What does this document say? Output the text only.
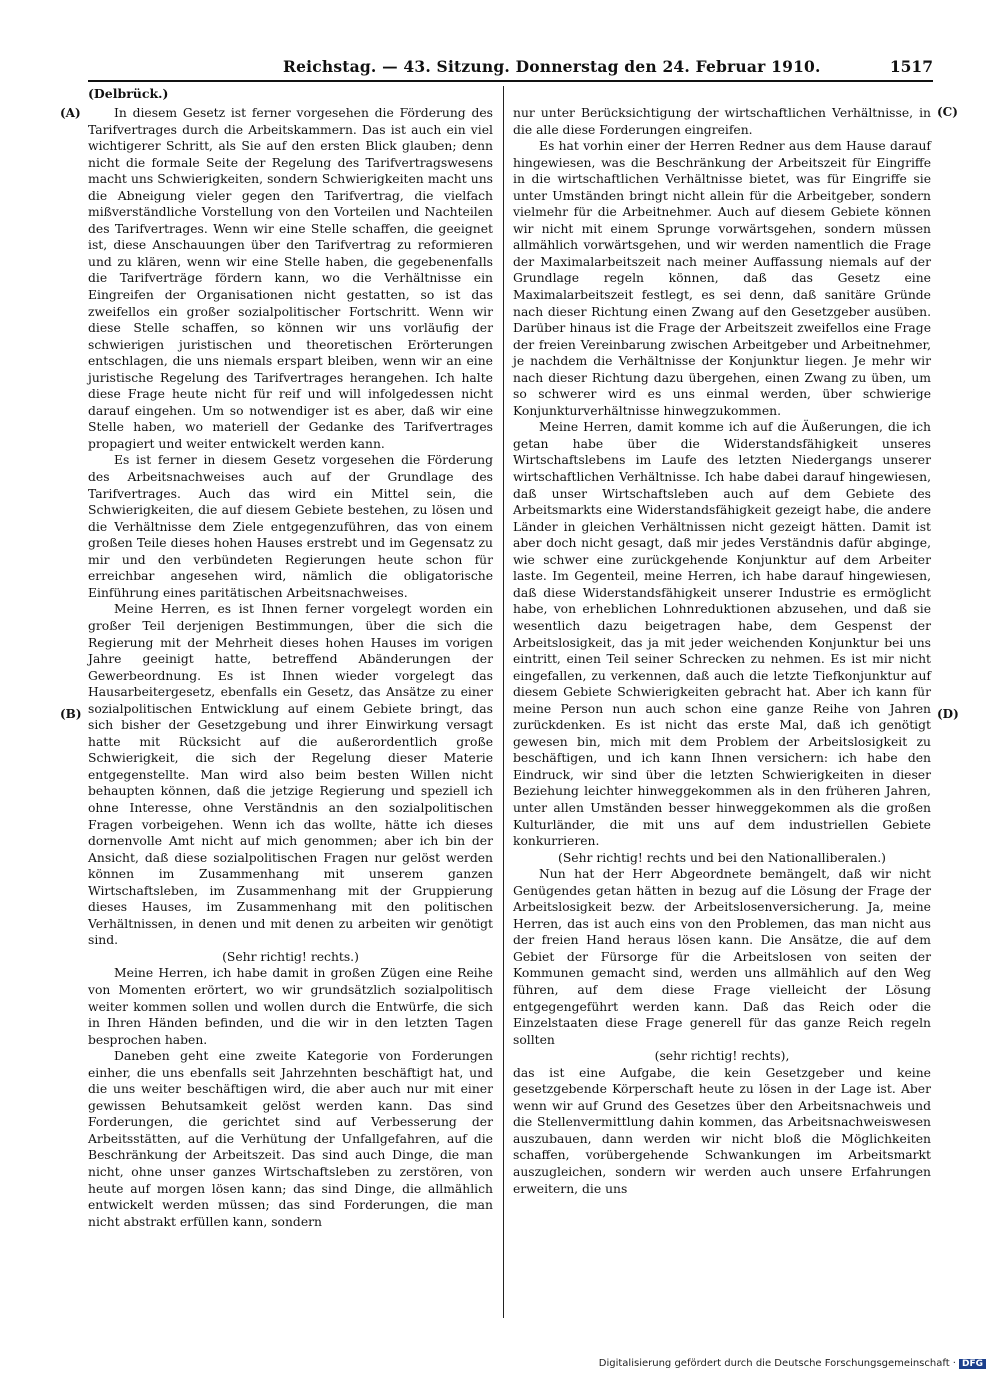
Reichstag. — 43. Sitzung. Donnerstag den 24. Februar 1910.	1517
(Delbrück.)
(A)
(B)
(C)
(D)

In diesem Gesetz ist ferner vorgesehen die Förderung des Tarifvertrages durch die Arbeitskammern. Das ist auch ein viel wichtigerer Schritt, als Sie auf den ersten Blick glauben; denn nicht die formale Seite der Regelung des Tarifvertragswesens macht uns Schwierigkeiten, sondern Schwierigkeiten macht uns die Abneigung vieler gegen den Tarifvertrag, die vielfach mißverständliche Vorstellung von den Vorteilen und Nachteilen des Tarifvertrages. Wenn wir eine Stelle schaffen, die geeignet ist, diese Anschauungen über den Tarifvertrag zu reformieren und zu klären, wenn wir eine Stelle haben, die gegebenenfalls die Tarifverträge fördern kann, wo die Verhältnisse ein Eingreifen der Organisationen nicht gestatten, so ist das zweifellos ein großer sozialpolitischer Fortschritt. Wenn wir diese Stelle schaffen, so können wir uns vorläufig der schwierigen juristischen und theoretischen Erörterungen entschlagen, die uns niemals erspart bleiben, wenn wir an eine juristische Regelung des Tarifvertrages herangehen. Ich halte diese Frage heute nicht für reif und will infolgedessen nicht darauf eingehen. Um so notwendiger ist es aber, daß wir eine Stelle haben, wo materiell der Gedanke des Tarifvertrages propagiert und weiter entwickelt werden kann.

Es ist ferner in diesem Gesetz vorgesehen die Förderung des Arbeitsnachweises auch auf der Grundlage des Tarifvertrages. Auch das wird ein Mittel sein, die Schwierigkeiten, die auf diesem Gebiete bestehen, zu lösen und die Verhältnisse dem Ziele entgegenzuführen, das von einem großen Teile dieses hohen Hauses erstrebt und im Gegensatz zu mir und den verbündeten Regierungen heute schon für erreichbar angesehen wird, nämlich die obligatorische Einführung eines paritätischen Arbeitsnachweises.

Meine Herren, es ist Ihnen ferner vorgelegt worden ein großer Teil derjenigen Bestimmungen, über die sich die Regierung mit der Mehrheit dieses hohen Hauses im vorigen Jahre geeinigt hatte, betreffend Abänderungen der Gewerbeordnung. Es ist Ihnen wieder vorgelegt das Hausarbeitergesetz, ebenfalls ein Gesetz, das Ansätze zu einer sozialpolitischen Entwicklung auf einem Gebiete bringt, das sich bisher der Gesetzgebung und ihrer Einwirkung versagt hatte mit Rücksicht auf die außerordentlich große Schwierigkeit, die sich der Regelung dieser Materie entgegenstellte. Man wird also beim besten Willen nicht behaupten können, daß die jetzige Regierung und speziell ich ohne Interesse, ohne Verständnis an den sozialpolitischen Fragen vorbeigehen. Wenn ich das wollte, hätte ich dieses dornenvolle Amt nicht auf mich genommen; aber ich bin der Ansicht, daß diese sozialpolitischen Fragen nur gelöst werden können im Zusammenhang mit unserem ganzen Wirtschaftsleben, im Zusammenhang mit der Gruppierung dieses Hauses, im Zusammenhang mit den politischen Verhältnissen, in denen und mit denen zu arbeiten wir genötigt sind.

(Sehr richtig! rechts.)

Meine Herren, ich habe damit in großen Zügen eine Reihe von Momenten erörtert, wo wir grundsätzlich sozialpolitisch weiter kommen sollen und wollen durch die Entwürfe, die sich in Ihren Händen befinden, und die wir in den letzten Tagen besprochen haben.

Daneben geht eine zweite Kategorie von Forderungen einher, die uns ebenfalls seit Jahrzehnten beschäftigt hat, und die uns weiter beschäftigen wird, die aber auch nur mit einer gewissen Behutsamkeit gelöst werden kann. Das sind Forderungen, die gerichtet sind auf Verbesserung der Arbeitsstätten, auf die Verhütung der Unfallgefahren, auf die Beschränkung der Arbeitszeit. Das sind auch Dinge, die man nicht, ohne unser ganzes Wirtschaftsleben zu zerstören, von heute auf morgen lösen kann; das sind Dinge, die allmählich entwickelt werden müssen; das sind Forderungen, die man nicht abstrakt erfüllen kann, sondern

nur unter Berücksichtigung der wirtschaftlichen Verhältnisse, in die alle diese Forderungen eingreifen.

Es hat vorhin einer der Herren Redner aus dem Hause darauf hingewiesen, was die Beschränkung der Arbeitszeit für Eingriffe in die wirtschaftlichen Verhältnisse bietet, was für Eingriffe sie unter Umständen bringt nicht allein für die Arbeitgeber, sondern vielmehr für die Arbeitnehmer. Auch auf diesem Gebiete können wir nicht mit einem Sprunge vorwärtsgehen, sondern müssen allmählich vorwärtsgehen, und wir werden namentlich die Frage der Maximalarbeitszeit nach meiner Auffassung niemals auf der Grundlage regeln können, daß das Gesetz eine Maximalarbeitszeit festlegt, es sei denn, daß sanitäre Gründe nach dieser Richtung einen Zwang auf den Gesetzgeber ausüben. Darüber hinaus ist die Frage der Arbeitszeit zweifellos eine Frage der freien Vereinbarung zwischen Arbeitgeber und Arbeitnehmer, je nachdem die Verhältnisse der Konjunktur liegen. Je mehr wir nach dieser Richtung dazu übergehen, einen Zwang zu üben, um so schwerer wird es uns einmal werden, über schwierige Konjunkturverhältnisse hinwegzukommen.

Meine Herren, damit komme ich auf die Äußerungen, die ich getan habe über die Widerstandsfähigkeit unseres Wirtschaftslebens im Laufe des letzten Niedergangs unserer wirtschaftlichen Verhältnisse. Ich habe dabei darauf hingewiesen, daß unser Wirtschaftsleben auch auf dem Gebiete des Arbeitsmarkts eine Widerstandsfähigkeit gezeigt habe, die andere Länder in gleichen Verhältnissen nicht gezeigt hätten. Damit ist aber doch nicht gesagt, daß mir jedes Verständnis dafür abginge, wie schwer eine zurückgehende Konjunktur auf dem Arbeiter laste. Im Gegenteil, meine Herren, ich habe darauf hingewiesen, daß diese Widerstandsfähigkeit unserer Industrie es ermöglicht habe, von erheblichen Lohnreduktionen abzusehen, und daß sie wesentlich dazu beigetragen habe, dem Gespenst der Arbeitslosigkeit, das ja mit jeder weichenden Konjunktur bei uns eintritt, einen Teil seiner Schrecken zu nehmen. Es ist mir nicht eingefallen, zu verkennen, daß auch die letzte Tiefkonjunktur auf diesem Gebiete Schwierigkeiten gebracht hat. Aber ich kann für meine Person nun auch schon eine ganze Reihe von Jahren zurückdenken. Es ist nicht das erste Mal, daß ich genötigt gewesen bin, mich mit dem Problem der Arbeitslosigkeit zu beschäftigen, und ich kann Ihnen versichern: ich habe den Eindruck, wir sind über die letzten Schwierigkeiten in dieser Beziehung leichter hinweggekommen als in den früheren Jahren, unter allen Umständen besser hinweggekommen als die großen Kulturländer, die mit uns auf dem industriellen Gebiete konkurrieren.

(Sehr richtig! rechts und bei den Nationalliberalen.)

Nun hat der Herr Abgeordnete bemängelt, daß wir nicht Genügendes getan hätten in bezug auf die Lösung der Frage der Arbeitslosigkeit bezw. der Arbeitslosenversicherung. Ja, meine Herren, das ist auch eins von den Problemen, das man nicht aus der freien Hand heraus lösen kann. Die Ansätze, die auf dem Gebiet der Fürsorge für die Arbeitslosen von seiten der Kommunen gemacht sind, werden uns allmählich auf den Weg führen, auf dem diese Frage vielleicht der Lösung entgegengeführt werden kann. Daß das Reich oder die Einzelstaaten diese Frage generell für das ganze Reich regeln sollten

(sehr richtig! rechts),

das ist eine Aufgabe, die kein Gesetzgeber und keine gesetzgebende Körperschaft heute zu lösen in der Lage ist. Aber wenn wir auf Grund des Gesetzes über den Arbeitsnachweis und die Stellenvermittlung dahin kommen, das Arbeitsnachweiswesen auszubauen, dann werden wir nicht bloß die Möglichkeiten schaffen, vorübergehende Schwankungen im Arbeitsmarkt auszugleichen, sondern wir werden auch unsere Erfahrungen erweitern, die uns

Digitalisierung gefördert durch die Deutsche Forschungsgemeinschaft · DFG
